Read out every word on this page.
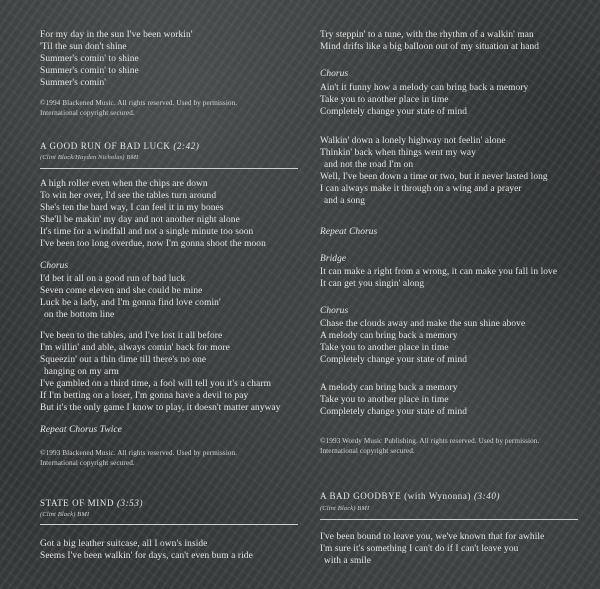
For my day in the sun I've been workin'
'Til the sun don't shine
Summer's comin' to shine
Summer's comin' to shine
Summer's comin'
©1994 Blackened Music. All rights reserved. Used by permission.
International copyright secured.
A GOOD RUN OF BAD LUCK (2:42)
(Clint Black/Hayden Nicholas) BMI
A high roller even when the chips are down
To win her over, I'd see the tables turn around
She's ten the hard way, I can feel it in my bones
She'll be makin' my day and not another night alone
It's time for a windfall and not a single minute too soon
I've been too long overdue, now I'm gonna shoot the moon
Chorus
I'd bet it all on a good run of bad luck
Seven come eleven and she could be mine
Luck be a lady, and I'm gonna find love comin'
on the bottom line
I've been to the tables, and I've lost it all before
I'm willin' and able, always comin' back for more
Squeezin' out a thin dime till there's no one
hanging on my arm
I've gambled on a third time, a fool will tell you it's a charm
If I'm betting on a loser, I'm gonna have a devil to pay
But it's the only game I know to play, it doesn't matter anyway
Repeat Chorus Twice
©1993 Blackened Music. All rights reserved. Used by permission.
International copyright secured.
STATE OF MIND (3:53)
(Clint Black) BMI
Got a big leather suitcase, all I own's inside
Seems I've been walkin' for days, can't even bum a ride
Try steppin' to a tune, with the rhythm of a walkin' man
Mind drifts like a big balloon out of my situation at hand
Chorus
Ain't it funny how a melody can bring back a memory
Take you to another place in time
Completely change your state of mind
Walkin' down a lonely highway not feelin' alone
Thinkin' back when things went my way
and not the road I'm on
Well, I've been down a time or two, but it never lasted long
I can always make it through on a wing and a prayer
and a song
Repeat Chorus
Bridge
It can make a right from a wrong, it can make you fall in love
It can get you singin' along
Chorus
Chase the clouds away and make the sun shine above
A melody can bring back a memory
Take you to another place in time
Completely change your state of mind
A melody can bring back a memory
Take you to another place in time
Completely change your state of mind
©1993 Wordy Music Publishing. All rights reserved. Used by permission.
International copyright secured.
A BAD GOODBYE (with Wynonna) (3:40)
(Clint Black) BMI
I've been bound to leave you, we've known that for awhile
I'm sure it's something I can't do if I can't leave you
with a smile
